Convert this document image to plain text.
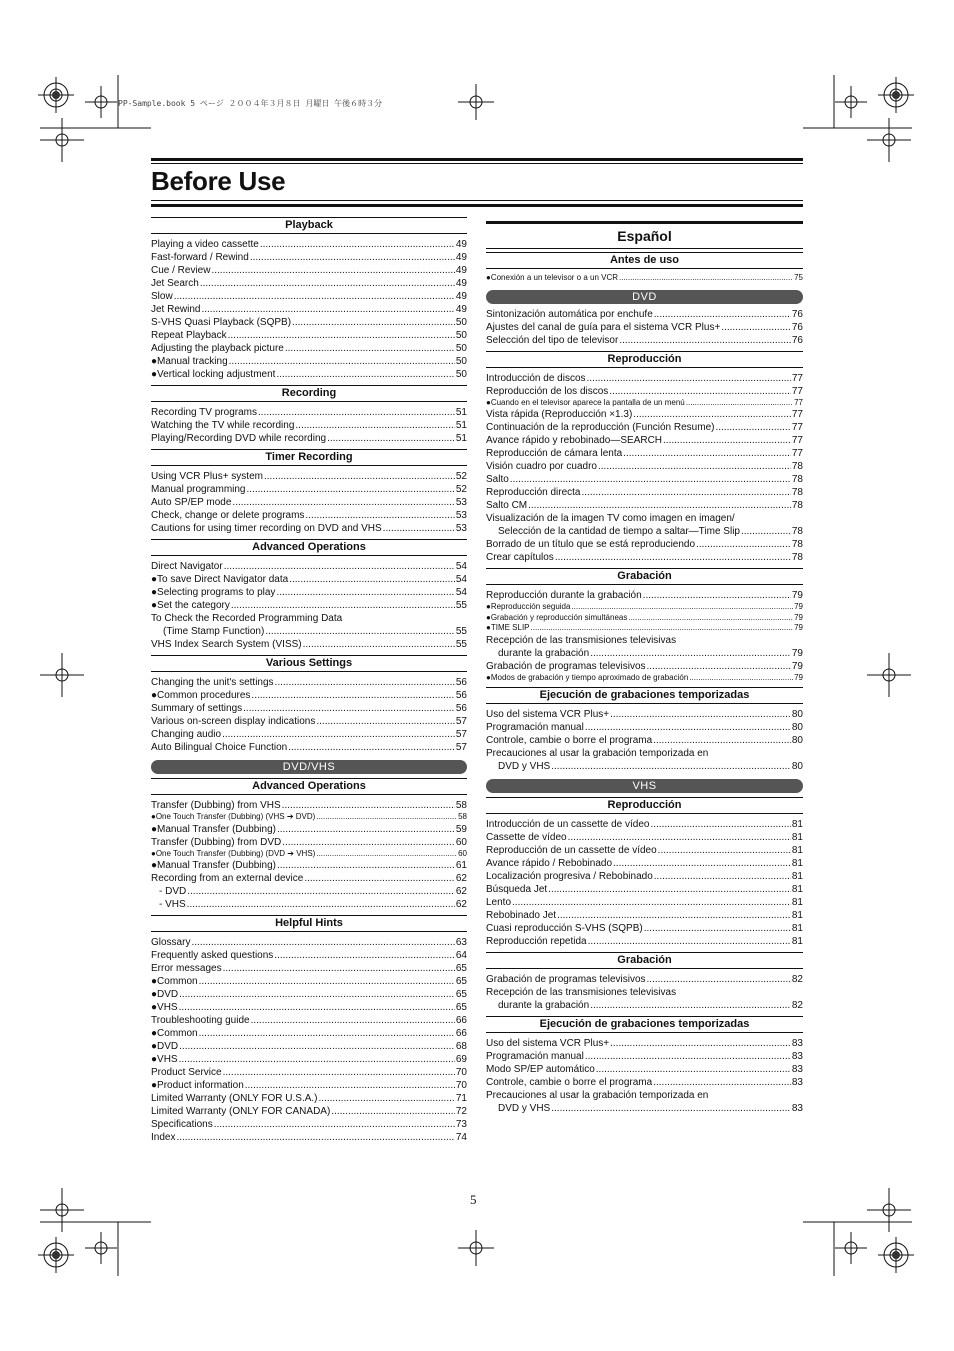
PP-Sample.book 5 ページ ２００４年３月８日 月曜日 午後６時３分
Before Use
Playback
Playing a video cassette .....	49
Fast-forward / Rewind .....	49
Cue / Review .....	49
Jet Search .....	49
Slow .....	49
Jet Rewind .....	49
S-VHS Quasi Playback (SQPB) .....	50
Repeat Playback .....	50
Adjusting the playback picture .....	50
●Manual tracking .....	50
●Vertical locking adjustment .....	50
Recording
Recording TV programs .....	51
Watching the TV while recording .....	51
Playing/Recording DVD while recording .....	51
Timer Recording
Using VCR Plus+ system .....	52
Manual programming .....	52
Auto SP/EP mode .....	53
Check, change or delete programs .....	53
Cautions for using timer recording on DVD and VHS .....	53
Advanced Operations
Direct Navigator .....	54
●To save Direct Navigator data .....	54
●Selecting programs to play .....	54
●Set the category .....	55
To Check the Recorded Programming Data
(Time Stamp Function) .....	55
VHS Index Search System (VISS) .....	55
Various Settings
Changing the unit's settings .....	56
●Common procedures .....	56
Summary of settings .....	56
Various on-screen display indications .....	57
Changing audio .....	57
Auto Bilingual Choice Function .....	57
DVD/VHS
Advanced Operations
Transfer (Dubbing) from VHS .....	58
●One Touch Transfer (Dubbing) (VHS ➔ DVD) .....	58
●Manual Transfer (Dubbing) .....	59
Transfer (Dubbing) from DVD .....	60
●One Touch Transfer (Dubbing) (DVD ➔ VHS) .....	60
●Manual Transfer (Dubbing) .....	61
Recording from an external device .....	62
- DVD .....	62
- VHS .....	62
Helpful Hints
Glossary .....	63
Frequently asked questions .....	64
Error messages .....	65
●Common .....	65
●DVD .....	65
●VHS .....	65
Troubleshooting guide .....	66
●Common .....	66
●DVD .....	68
●VHS .....	69
Product Service .....	70
●Product information .....	70
Limited Warranty (ONLY FOR U.S.A.) .....	71
Limited Warranty (ONLY FOR CANADA) .....	72
Specifications .....	73
Index .....	74
Español
Antes de uso
●Conexión a un televisor o a un VCR .....	75
DVD
Sintonización automática por enchufe .....	76
Ajustes del canal de guía para el sistema VCR Plus+ .....	76
Selección del tipo de televisor .....	76
Reproducción
Introducción de discos .....	77
Reproducción de los discos .....	77
●Cuando en el televisor aparece la pantalla de un menú .....	77
Vista rápida (Reproducción ×1.3) .....	77
Continuación de la reproducción (Función Resume) .....	77
Avance rápido y rebobinado—SEARCH .....	77
Reproducción de cámara lenta .....	77
Visión cuadro por cuadro .....	78
Salto .....	78
Reproducción directa .....	78
Salto CM .....	78
Visualización de la imagen TV como imagen en imagen/
Selección de la cantidad de tiempo a saltar—Time Slip .....	78
Borrado de un título que se está reproduciendo .....	78
Crear capítulos .....	78
Grabación
Reproducción durante la grabación .....	79
●Reproducción seguida .....	79
●Grabación y reproducción simultáneas .....	79
●TIME SLIP .....	79
Recepción de las transmisiones televisivas
durante la grabación .....	79
Grabación de programas televisivos .....	79
●Modos de grabación y tiempo aproximado de grabación .....	79
Ejecución de grabaciones temporizadas
Uso del sistema VCR Plus+ .....	80
Programación manual .....	80
Controle, cambie o borre el programa .....	80
Precauciones al usar la grabación temporizada en
DVD y VHS .....	80
VHS
Reproducción
Introducción de un cassette de vídeo .....	81
Cassette de vídeo .....	81
Reproducción de un cassette de vídeo .....	81
Avance rápido / Rebobinado .....	81
Localización progresiva / Rebobinado .....	81
Búsqueda Jet .....	81
Lento .....	81
Rebobinado Jet .....	81
Cuasi reproducción S-VHS (SQPB) .....	81
Reproducción repetida .....	81
Grabación
Grabación de programas televisivos .....	82
Recepción de las transmisiones televisivas
durante la grabación .....	82
Ejecución de grabaciones temporizadas
Uso del sistema VCR Plus+ .....	83
Programación manual .....	83
Modo SP/EP automático .....	83
Controle, cambie o borre el programa .....	83
Precauciones al usar la grabación temporizada en
DVD y VHS .....	83
5
